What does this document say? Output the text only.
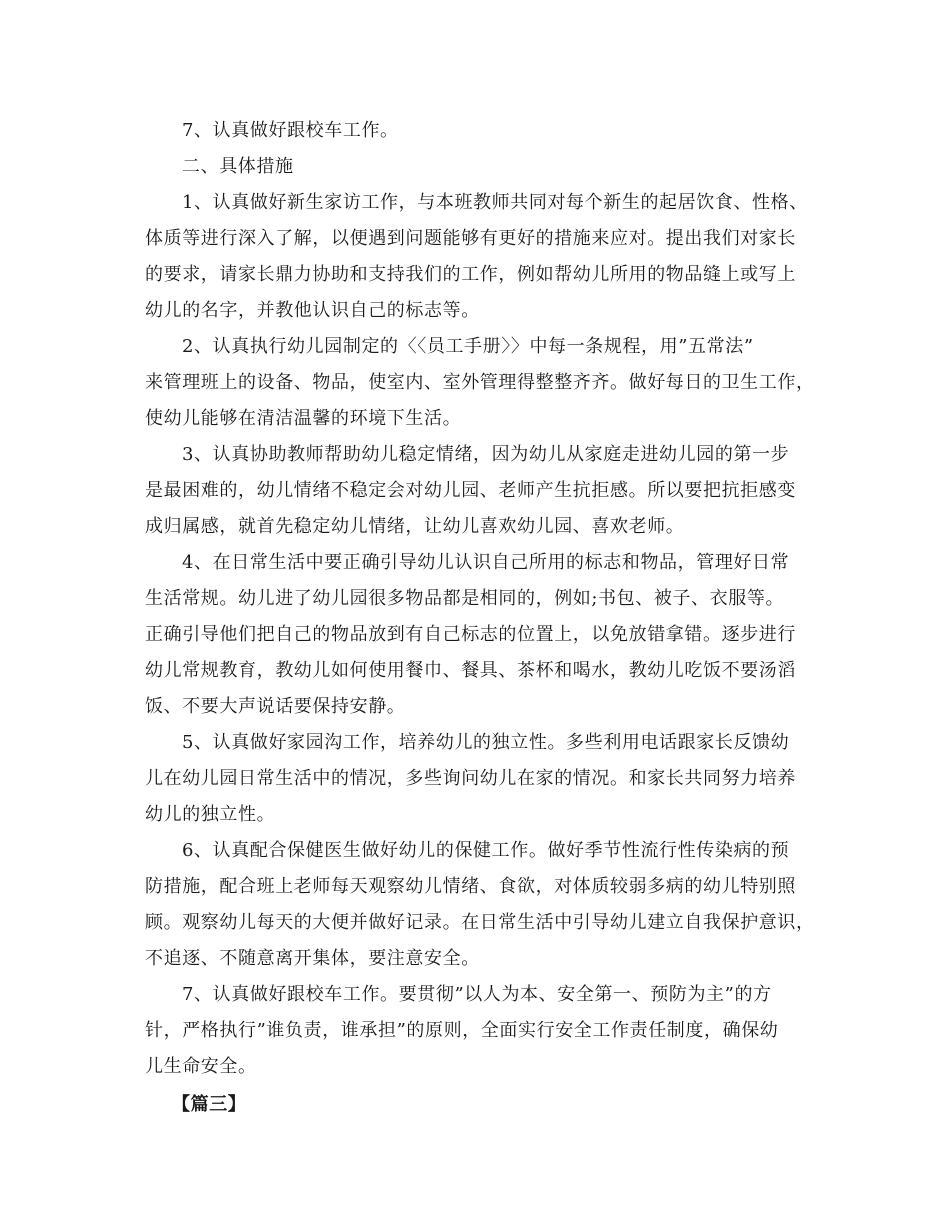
7、认真做好跟校车工作。
二、具体措施
1、认真做好新生家访工作，与本班教师共同对每个新生的起居饮食、性格、
体质等进行深入了解，以便遇到问题能够有更好的措施来应对。提出我们对家长
的要求，请家长鼎力协助和支持我们的工作，例如帮幼儿所用的物品缝上或写上
幼儿的名字，并教他认识自己的标志等。
2、认真执行幼儿园制定的〈〈员工手册〉〉中每一条规程，用”五常法”
来管理班上的设备、物品，使室内、室外管理得整整齐齐。做好每日的卫生工作，
使幼儿能够在清洁温馨的环境下生活。
3、认真协助教师帮助幼儿稳定情绪，因为幼儿从家庭走进幼儿园的第一步
是最困难的，幼儿情绪不稳定会对幼儿园、老师产生抗拒感。所以要把抗拒感变
成归属感，就首先稳定幼儿情绪，让幼儿喜欢幼儿园、喜欢老师。
4、在日常生活中要正确引导幼儿认识自己所用的标志和物品，管理好日常
生活常规。幼儿进了幼儿园很多物品都是相同的，例如;书包、被子、衣服等。
正确引导他们把自己的物品放到有自己标志的位置上，以免放错拿错。逐步进行
幼儿常规教育，教幼儿如何使用餐巾、餐具、茶杯和喝水，教幼儿吃饭不要汤滔
饭、不要大声说话要保持安静。
5、认真做好家园沟工作，培养幼儿的独立性。多些利用电话跟家长反馈幼
儿在幼儿园日常生活中的情况，多些询问幼儿在家的情况。和家长共同努力培养
幼儿的独立性。
6、认真配合保健医生做好幼儿的保健工作。做好季节性流行性传染病的预
防措施，配合班上老师每天观察幼儿情绪、食欲，对体质较弱多病的幼儿特别照
顾。观察幼儿每天的大便并做好记录。在日常生活中引导幼儿建立自我保护意识，
不追逐、不随意离开集体，要注意安全。
7、认真做好跟校车工作。要贯彻”以人为本、安全第一、预防为主”的方
针，严格执行”谁负责，谁承担”的原则，全面实行安全工作责任制度，确保幼
儿生命安全。
【篇三】
